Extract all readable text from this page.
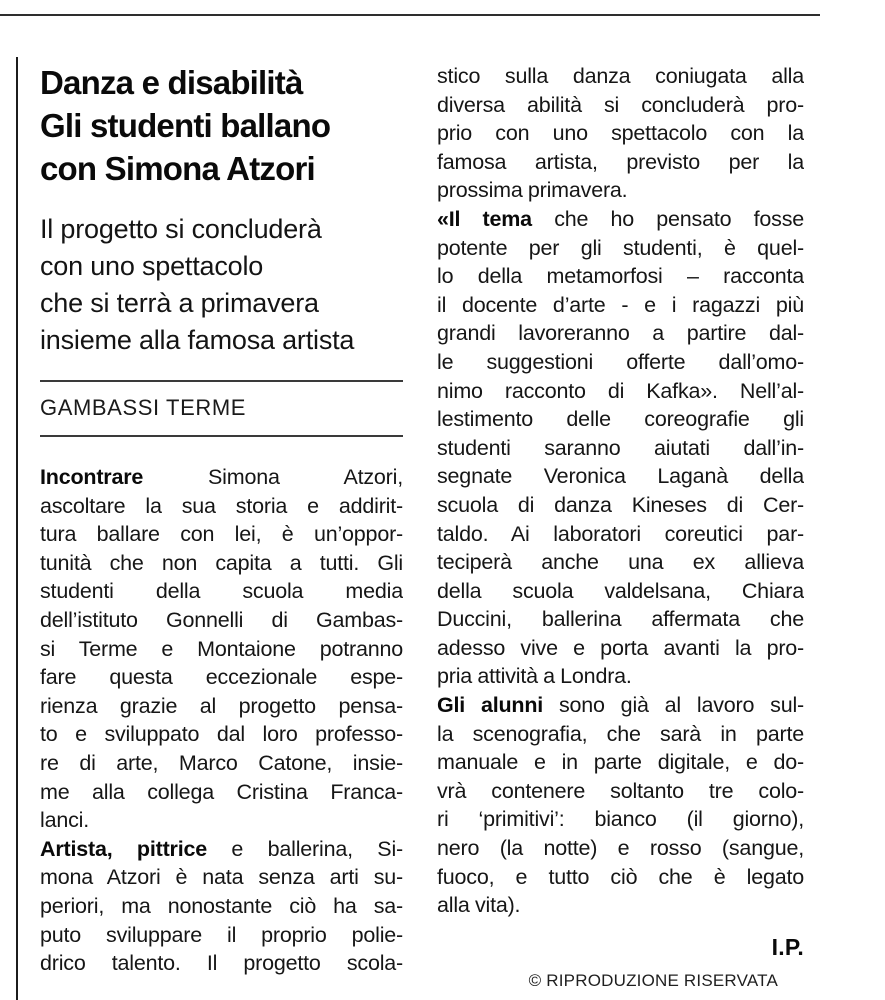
Danza e disabilità
Gli studenti ballano
con Simona Atzori
Il progetto si concluderà
con uno spettacolo
che si terrà a primavera
insieme alla famosa artista
GAMBASSI TERME
Incontrare Simona Atzori,
ascoltare la sua storia e addirit-
tura ballare con lei, è un’oppor-
tunità che non capita a tutti. Gli
studenti della scuola media
dell’istituto Gonnelli di Gambas-
si Terme e Montaione potranno
fare questa eccezionale espe-
rienza grazie al progetto pensa-
to e sviluppato dal loro professo-
re di arte, Marco Catone, insie-
me alla collega Cristina Franca-
lanci.
Artista, pittrice e ballerina, Si-
mona Atzori è nata senza arti su-
periori, ma nonostante ciò ha sa-
puto sviluppare il proprio polie-
drico talento. Il progetto scola-
stico sulla danza coniugata alla
diversa abilità si concluderà pro-
prio con uno spettacolo con la
famosa artista, previsto per la
prossima primavera.
«Il tema che ho pensato fosse
potente per gli studenti, è quel-
lo della metamorfosi – racconta
il docente d’arte - e i ragazzi più
grandi lavoreranno a partire dal-
le suggestioni offerte dall’omo-
nimo racconto di Kafka». Nell’al-
lestimento delle coreografie gli
studenti saranno aiutati dall’in-
segnate Veronica Laganà della
scuola di danza Kineses di Cer-
taldo. Ai laboratori coreutici par-
teciperà anche una ex allieva
della scuola valdelsana, Chiara
Duccini, ballerina affermata che
adesso vive e porta avanti la pro-
pria attività a Londra.
Gli alunni sono già al lavoro sul-
la scenografia, che sarà in parte
manuale e in parte digitale, e do-
vrà contenere soltanto tre colo-
ri ‘primitivi’: bianco (il giorno),
nero (la notte) e rosso (sangue,
fuoco, e tutto ciò che è legato
alla vita).
I.P.
© RIPRODUZIONE RISERVATA
